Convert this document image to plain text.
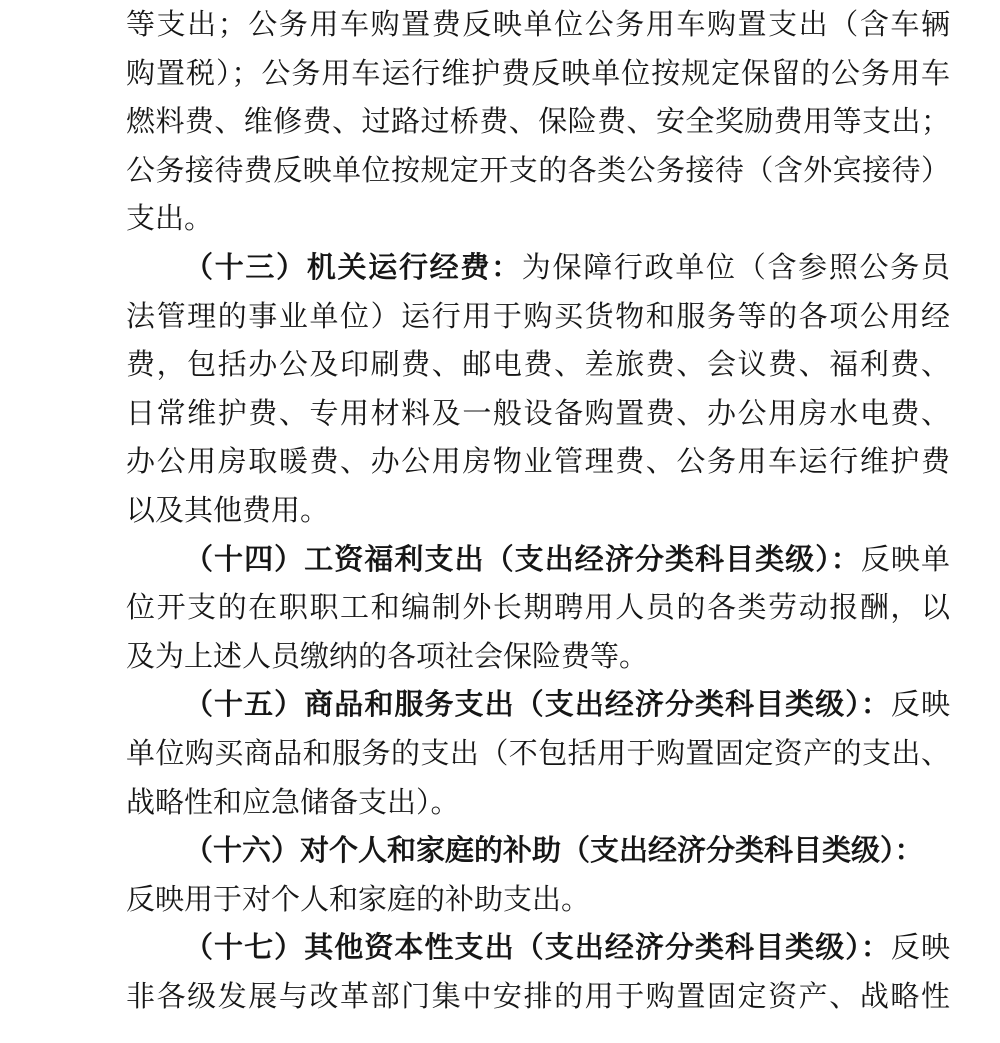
等支出；公务用车购置费反映单位公务用车购置支出（含车辆
购置税）；公务用车运行维护费反映单位按规定保留的公务用车
燃料费、维修费、过路过桥费、保险费、安全奖励费用等支出；
公务接待费反映单位按规定开支的各类公务接待（含外宾接待）
支出。
（十三）机关运行经费：为保障行政单位（含参照公务员
法管理的事业单位）运行用于购买货物和服务等的各项公用经
费，包括办公及印刷费、邮电费、差旅费、会议费、福利费、
日常维护费、专用材料及一般设备购置费、办公用房水电费、
办公用房取暖费、办公用房物业管理费、公务用车运行维护费
以及其他费用。
（十四）工资福利支出（支出经济分类科目类级）：反映单
位开支的在职职工和编制外长期聘用人员的各类劳动报酬，以
及为上述人员缴纳的各项社会保险费等。
（十五）商品和服务支出（支出经济分类科目类级）：反映
单位购买商品和服务的支出（不包括用于购置固定资产的支出、
战略性和应急储备支出）。
（十六）对个人和家庭的补助（支出经济分类科目类级）：
反映用于对个人和家庭的补助支出。
（十七）其他资本性支出（支出经济分类科目类级）：反映
非各级发展与改革部门集中安排的用于购置固定资产、战略性
